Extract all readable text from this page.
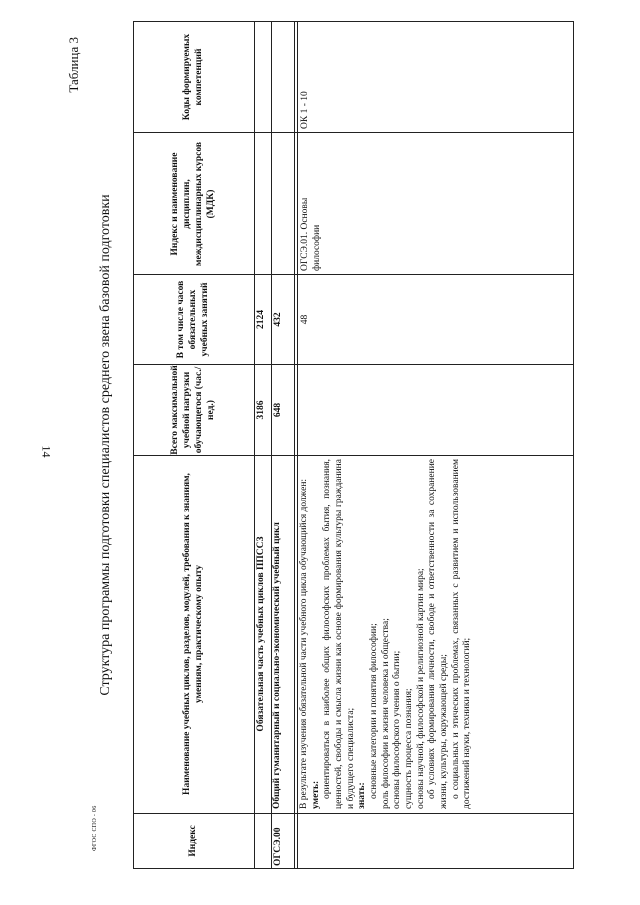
14
ФГОС СПО - 06
Таблица 3
Структура программы подготовки специалистов среднего звена базовой подготовки
Индекс
Наименование учебных циклов, разделов, модулей, требования к знаниям, умениям, практическому опыту
Всего максимальной учебной нагрузки обучающегося (час./нед.)
В том числе часов обязательных учебных занятий
Индекс и наименование дисциплин, междисциплинарных курсов (МДК)
Коды формируемых компетенций
Обязательная часть учебных циклов ППССЗ
3186
2124
ОГСЭ.00
Общий гуманитарный и социально-экономический учебный цикл
648
432
В результате изучения обязательной части учебного цикла обучающийся должен: уметь: ориентироваться в наиболее общих философских проблемах бытия, познания, ценностей, свободы и смысла жизни как основе формирования культуры гражданина и будущего специалиста; знать: основные категории и понятия философии; роль философии в жизни человека и общества; основы философского учения о бытии; сущность процесса познания; основы научной, философской и религиозной картин мира; об условиях формирования личности, свободе и ответственности за сохранение жизни, культуры, окружающей среды; о социальных и этических проблемах, связанных с развитием и использованием достижений науки, техники и технологий;
48
ОГСЭ.01. Основы философии
ОК 1 - 10
